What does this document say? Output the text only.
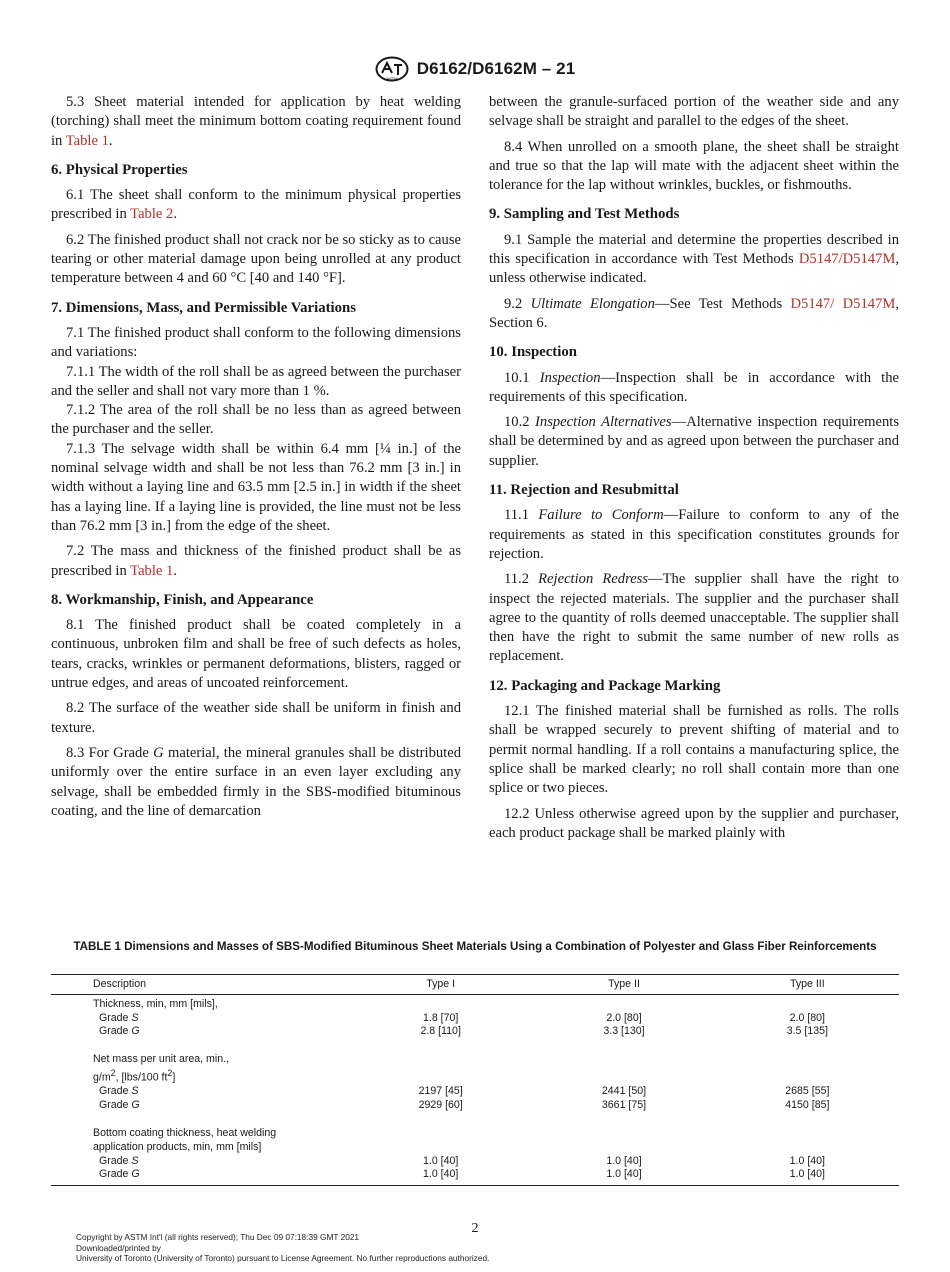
ASTM
D6162/D6162M – 21

5.3 Sheet material intended for application by heat welding (torching) shall meet the minimum bottom coating requirement found in Table 1.

6. Physical Properties

6.1 The sheet shall conform to the minimum physical properties prescribed in Table 2.

6.2 The finished product shall not crack nor be so sticky as to cause tearing or other material damage upon being unrolled at any product temperature between 4 and 60 °C [40 and 140 °F].

7. Dimensions, Mass, and Permissible Variations

7.1 The finished product shall conform to the following dimensions and variations:

7.1.1 The width of the roll shall be as agreed between the purchaser and the seller and shall not vary more than 1 %.

7.1.2 The area of the roll shall be no less than as agreed between the purchaser and the seller.

7.1.3 The selvage width shall be within 6.4 mm [¼ in.] of the nominal selvage width and shall be not less than 76.2 mm [3 in.] in width without a laying line and 63.5 mm [2.5 in.] in width if the sheet has a laying line. If a laying line is provided, the line must not be less than 76.2 mm [3 in.] from the edge of the sheet.

7.2 The mass and thickness of the finished product shall be as prescribed in Table 1.

8. Workmanship, Finish, and Appearance

8.1 The finished product shall be coated completely in a continuous, unbroken film and shall be free of such defects as holes, tears, cracks, wrinkles or permanent deformations, blisters, ragged or untrue edges, and areas of uncoated reinforcement.

8.2 The surface of the weather side shall be uniform in finish and texture.

8.3 For Grade G material, the mineral granules shall be distributed uniformly over the entire surface in an even layer excluding any selvage, shall be embedded firmly in the SBS-modified bituminous coating, and the line of demarcation

between the granule-surfaced portion of the weather side and any selvage shall be straight and parallel to the edges of the sheet.

8.4 When unrolled on a smooth plane, the sheet shall be straight and true so that the lap will mate with the adjacent sheet within the tolerance for the lap without wrinkles, buckles, or fishmouths.

9. Sampling and Test Methods

9.1 Sample the material and determine the properties described in this specification in accordance with Test Methods D5147/D5147M, unless otherwise indicated.

9.2 Ultimate Elongation—See Test Methods D5147/ D5147M, Section 6.

10. Inspection

10.1 Inspection—Inspection shall be in accordance with the requirements of this specification.

10.2 Inspection Alternatives—Alternative inspection requirements shall be determined by and as agreed upon between the purchaser and supplier.

11. Rejection and Resubmittal

11.1 Failure to Conform—Failure to conform to any of the requirements as stated in this specification constitutes grounds for rejection.

11.2 Rejection Redress—The supplier shall have the right to inspect the rejected materials. The supplier and the purchaser shall agree to the quantity of rolls deemed unacceptable. The supplier shall then have the right to submit the same number of new rolls as replacement.

12. Packaging and Package Marking

12.1 The finished material shall be furnished as rolls. The rolls shall be wrapped securely to prevent shifting of material and to permit normal handling. If a roll contains a manufacturing splice, the splice shall be marked clearly; no roll shall contain more than one splice or two pieces.

12.2 Unless otherwise agreed upon by the supplier and purchaser, each product package shall be marked plainly with

TABLE 1 Dimensions and Masses of SBS-Modified Bituminous Sheet Materials Using a Combination of Polyester and Glass Fiber Reinforcements
Description	Type I	Type II	Type III
Thickness, min, mm [mils],			
Grade S	1.8 [70]	2.0 [80]	2.0 [80]
Grade G	2.8 [110]	3.3 [130]	3.5 [135]

Net mass per unit area, min.,			
$g/m^2$, [lbs/100 $ft^2$]			
Grade S	2197 [45]	2441 [50]	2685 [55]
Grade G	2929 [60]	3661 [75]	4150 [85]

Bottom coating thickness, heat welding			
application products, min, mm [mils]			
Grade S	1.0 [40]	1.0 [40]	1.0 [40]
Grade G	1.0 [40]	1.0 [40]	1.0 [40]
2
Copyright by ASTM Int'l (all rights reserved); Thu Dec 09 07:18:39 GMT 2021
Downloaded/printed by
University of Toronto (University of Toronto) pursuant to License Agreement. No further reproductions authorized.
